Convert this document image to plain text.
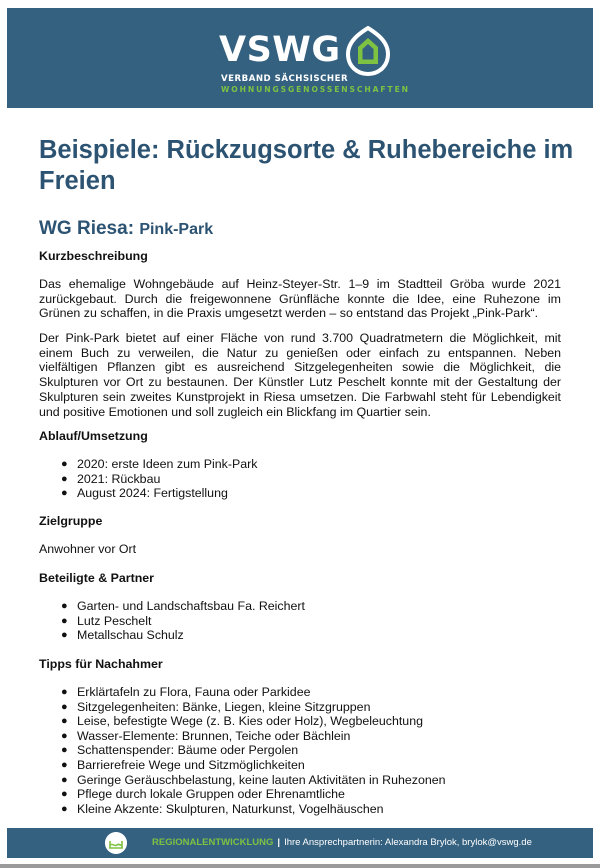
VSWG
VERBAND SÄCHSISCHER
WOHNUNGSGENOSSENSCHAFTEN
Beispiele: Rückzugsorte & Ruhebereiche im Freien
WG Riesa: Pink-Park
Kurzbeschreibung

Das ehemalige Wohngebäude auf Heinz-Steyer-Str. 1–9 im Stadtteil Gröba wurde 2021 zurückgebaut. Durch die freigewonnene Grünfläche konnte die Idee, eine Ruhezone im Grünen zu schaffen, in die Praxis umgesetzt werden – so entstand das Projekt „Pink-Park“.

Der Pink-Park bietet auf einer Fläche von rund 3.700 Quadratmetern die Möglichkeit, mit einem Buch zu verweilen, die Natur zu genießen oder einfach zu entspannen. Neben vielfältigen Pflanzen gibt es ausreichend Sitzgelegenheiten sowie die Möglichkeit, die Skulpturen vor Ort zu bestaunen. Der Künstler Lutz Peschelt konnte mit der Gestaltung der Skulpturen sein zweites Kunstprojekt in Riesa umsetzen. Die Farbwahl steht für Lebendigkeit und positive Emotionen und soll zugleich ein Blickfang im Quartier sein.

Ablauf/Umsetzung
● 2020: erste Ideen zum Pink-Park
● 2021: Rückbau
● August 2024: Fertigstellung
Zielgruppe

Anwohner vor Ort

Beteiligte & Partner
● Garten- und Landschaftsbau Fa. Reichert
● Lutz Peschelt
● Metallschau Schulz
Tipps für Nachahmer
● Erklärtafeln zu Flora, Fauna oder Parkidee
● Sitzgelegenheiten: Bänke, Liegen, kleine Sitzgruppen
● Leise, befestigte Wege (z. B. Kies oder Holz), Wegbeleuchtung
● Wasser-Elemente: Brunnen, Teiche oder Bächlein
● Schattenspender: Bäume oder Pergolen
● Barrierefreie Wege und Sitzmöglichkeiten
● Geringe Geräuschbelastung, keine lauten Aktivitäten in Ruhezonen
● Pflege durch lokale Gruppen oder Ehrenamtliche
● Kleine Akzente: Skulpturen, Naturkunst, Vogelhäuschen
REGIONALENTWICKLUNG | Ihre Ansprechpartnerin: Alexandra Brylok, brylok@vswg.de
